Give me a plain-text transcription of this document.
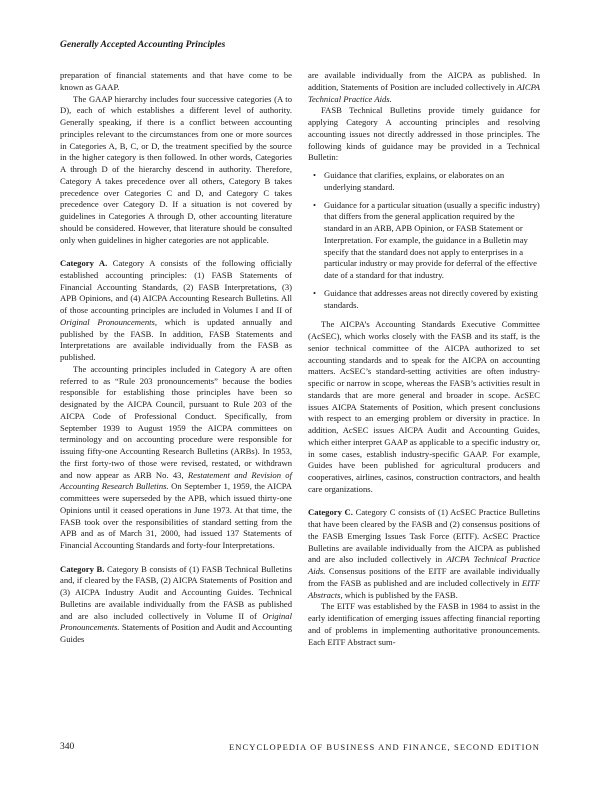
Generally Accepted Accounting Principles

preparation of financial statements and that have come to be known as GAAP.

The GAAP hierarchy includes four successive categories (A to D), each of which establishes a different level of authority. Generally speaking, if there is a conflict between accounting principles relevant to the circumstances from one or more sources in Categories A, B, C, or D, the treatment specified by the source in the higher category is then followed. In other words, Categories A through D of the hierarchy descend in authority. Therefore, Category A takes precedence over all others, Category B takes precedence over Categories C and D, and Category C takes precedence over Category D. If a situation is not covered by guidelines in Categories A through D, other accounting literature should be considered. However, that literature should be consulted only when guidelines in higher categories are not applicable.

Category A. Category A consists of the following officially established accounting principles: (1) FASB Statements of Financial Accounting Standards, (2) FASB Interpretations, (3) APB Opinions, and (4) AICPA Accounting Research Bulletins. All of those accounting principles are included in Volumes I and II of Original Pronouncements, which is updated annually and published by the FASB. In addition, FASB Statements and Interpretations are available individually from the FASB as published.

The accounting principles included in Category A are often referred to as “Rule 203 pronouncements” because the bodies responsible for establishing those principles have been so designated by the AICPA Council, pursuant to Rule 203 of the AICPA Code of Professional Conduct. Specifically, from September 1939 to August 1959 the AICPA committees on terminology and on accounting procedure were responsible for issuing fifty-one Accounting Research Bulletins (ARBs). In 1953, the first forty-two of those were revised, restated, or withdrawn and now appear as ARB No. 43, Restatement and Revision of Accounting Research Bulletins. On September 1, 1959, the AICPA committees were superseded by the APB, which issued thirty-one Opinions until it ceased operations in June 1973. At that time, the FASB took over the responsibilities of standard setting from the APB and as of March 31, 2000, had issued 137 Statements of Financial Accounting Standards and forty-four Interpretations.

Category B. Category B consists of (1) FASB Technical Bulletins and, if cleared by the FASB, (2) AICPA Statements of Position and (3) AICPA Industry Audit and Accounting Guides. Technical Bulletins are available individually from the FASB as published and are also included collectively in Volume II of Original Pronouncements. Statements of Position and Audit and Accounting Guides

are available individually from the AICPA as published. In addition, Statements of Position are included collectively in AICPA Technical Practice Aids.

FASB Technical Bulletins provide timely guidance for applying Category A accounting principles and resolving accounting issues not directly addressed in those principles. The following kinds of guidance may be provided in a Technical Bulletin:

• Guidance that clarifies, explains, or elaborates on an underlying standard.
• Guidance for a particular situation (usually a specific industry) that differs from the general application required by the standard in an ARB, APB Opinion, or FASB Statement or Interpretation. For example, the guidance in a Bulletin may specify that the standard does not apply to enterprises in a particular industry or may provide for deferral of the effective date of a standard for that industry.
• Guidance that addresses areas not directly covered by existing standards.

The AICPA’s Accounting Standards Executive Committee (AcSEC), which works closely with the FASB and its staff, is the senior technical committee of the AICPA authorized to set accounting standards and to speak for the AICPA on accounting matters. AcSEC’s standard-setting activities are often industry-specific or narrow in scope, whereas the FASB’s activities result in standards that are more general and broader in scope. AcSEC issues AICPA Statements of Position, which present conclusions with respect to an emerging problem or diversity in practice. In addition, AcSEC issues AICPA Audit and Accounting Guides, which either interpret GAAP as applicable to a specific industry or, in some cases, establish industry-specific GAAP. For example, Guides have been published for agricultural producers and cooperatives, airlines, casinos, construction contractors, and health care organizations.

Category C. Category C consists of (1) AcSEC Practice Bulletins that have been cleared by the FASB and (2) consensus positions of the FASB Emerging Issues Task Force (EITF). AcSEC Practice Bulletins are available individually from the AICPA as published and are also included collectively in AICPA Technical Practice Aids. Consensus positions of the EITF are available individually from the FASB as published and are included collectively in EITF Abstracts, which is published by the FASB.

The EITF was established by the FASB in 1984 to assist in the early identification of emerging issues affecting financial reporting and of problems in implementing authoritative pronouncements. Each EITF Abstract sum-

340	ENCYCLOPEDIA OF BUSINESS AND FINANCE, SECOND EDITION
